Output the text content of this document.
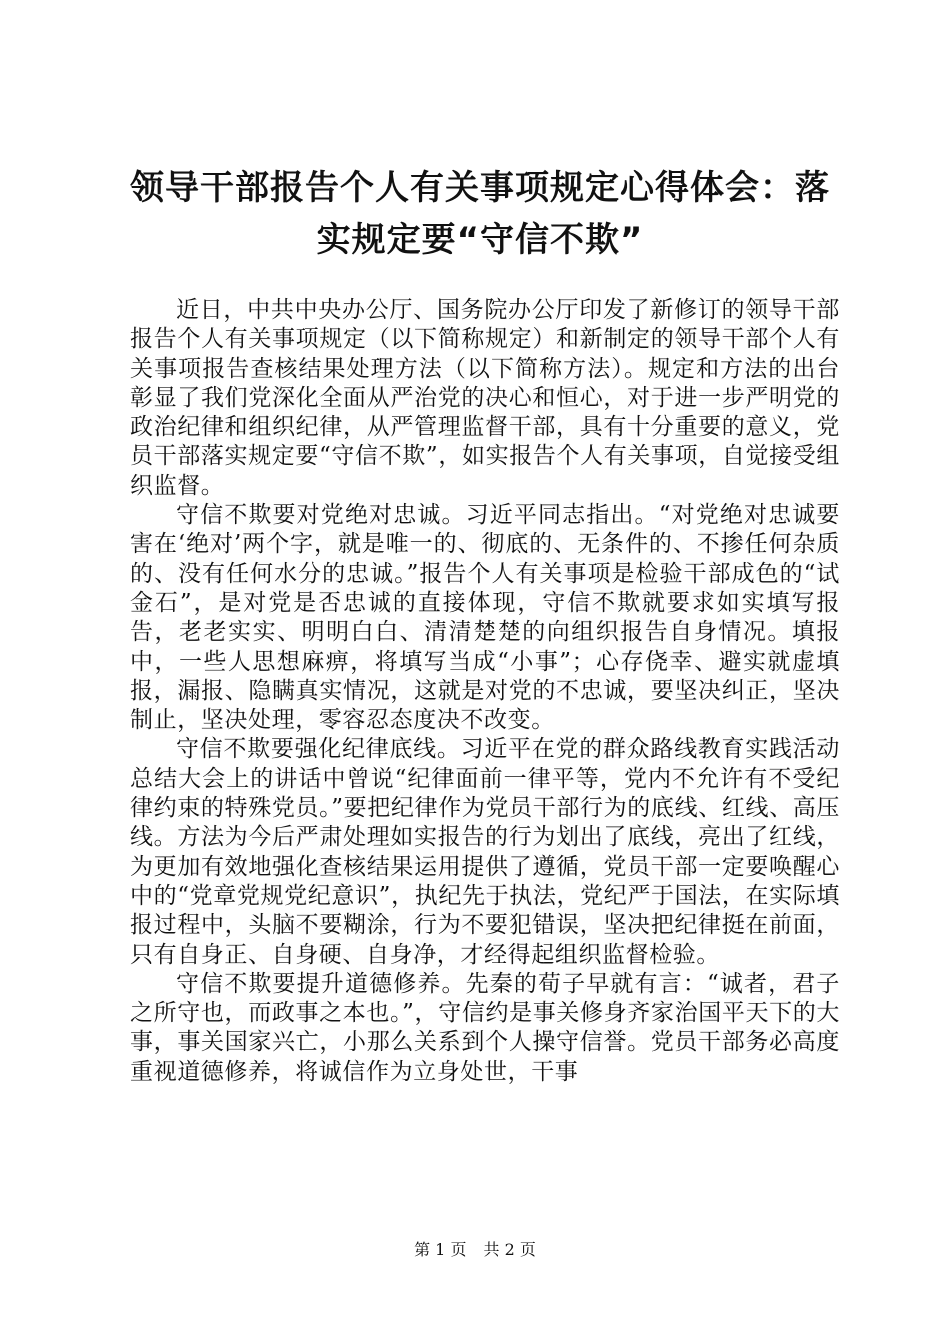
领导干部报告个人有关事项规定心得体会：落实规定要“守信不欺”

近日，中共中央办公厅、国务院办公厅印发了新修订的领导干部报告个人有关事项规定（以下简称规定）和新制定的领导干部个人有关事项报告查核结果处理方法（以下简称方法）。规定和方法的出台彰显了我们党深化全面从严治党的决心和恒心，对于进一步严明党的政治纪律和组织纪律，从严管理监督干部，具有十分重要的意义，党员干部落实规定要“守信不欺”，如实报告个人有关事项，自觉接受组织监督。

守信不欺要对党绝对忠诚。习近平同志指出。“对党绝对忠诚要害在‘绝对’两个字，就是唯一的、彻底的、无条件的、不掺任何杂质的、没有任何水分的忠诚。”报告个人有关事项是检验干部成色的“试金石”，是对党是否忠诚的直接体现，守信不欺就要求如实填写报告，老老实实、明明白白、清清楚楚的向组织报告自身情况。填报中，一些人思想麻痹，将填写当成“小事”；心存侥幸、避实就虚填报，漏报、隐瞒真实情况，这就是对党的不忠诚，要坚决纠正，坚决制止，坚决处理，零容忍态度决不改变。

守信不欺要强化纪律底线。习近平在党的群众路线教育实践活动总结大会上的讲话中曾说“纪律面前一律平等，党内不允许有不受纪律约束的特殊党员。”要把纪律作为党员干部行为的底线、红线、高压线。方法为今后严肃处理如实报告的行为划出了底线，亮出了红线，为更加有效地强化查核结果运用提供了遵循，党员干部一定要唤醒心中的“党章党规党纪意识”，执纪先于执法，党纪严于国法，在实际填报过程中，头脑不要糊涂，行为不要犯错误，坚决把纪律挺在前面，只有自身正、自身硬、自身净，才经得起组织监督检验。

守信不欺要提升道德修养。先秦的荀子早就有言：“诚者，君子之所守也，而政事之本也。”，守信约是事关修身齐家治国平天下的大事，事关国家兴亡，小那么关系到个人操守信誉。党员干部务必高度重视道德修养，将诚信作为立身处世，干事

第 1 页 共 2 页
